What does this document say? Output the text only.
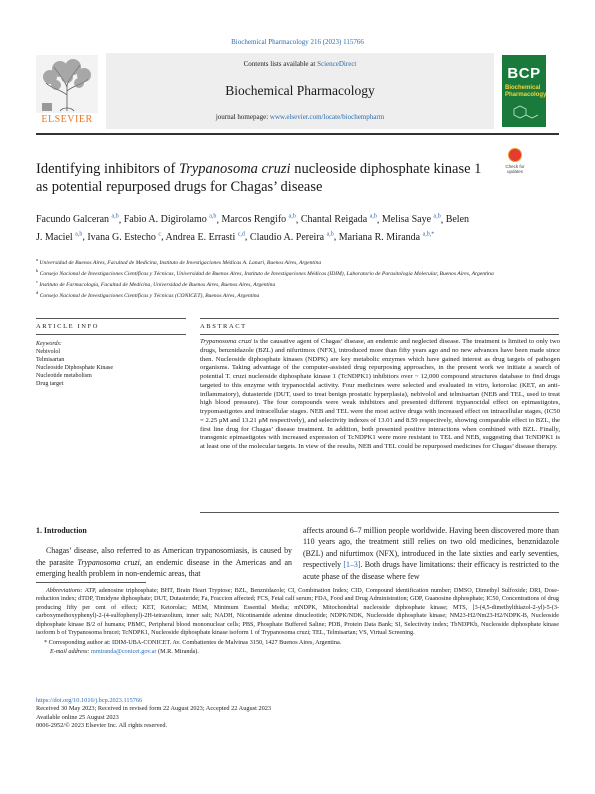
Biochemical Pharmacology 216 (2023) 115766
ELSEVIER
Contents lists available at ScienceDirect
Biochemical Pharmacology
journal homepage: www.elsevier.com/locate/biochempharm
BCP
Biochemical Pharmacology
Identifying inhibitors of Trypanosoma cruzi nucleoside diphosphate kinase 1 as potential repurposed drugs for Chagas’ disease
Check for updates
Facundo Galceran $^{a,b}$, Fabio A. Digirolamo $^{a,b}$, Marcos Rengifo $^{a,b}$, Chantal Reigada $^{a,b}$, Melisa Saye $^{a,b}$, Belen J. Maciel $^{a,b}$, Ivana G. Estecho $^c$, Andrea E. Errasti $^{c,d}$, Claudio A. Pereira $^{a,b}$, Mariana R. Miranda $^{a,b,*}$
$^a$ Universidad de Buenos Aires, Facultad de Medicina, Instituto de Investigaciones Médicas A. Lanari, Buenos Aires, Argentina
$^b$ Consejo Nacional de Investigaciones Científicas y Técnicas, Universidad de Buenos Aires, Instituto de Investigaciones Médicas (IDIM), Laboratorio de Parasitología Molecular, Buenos Aires, Argentina
$^c$ Instituto de Farmacología, Facultad de Medicina, Universidad de Buenos Aires, Buenos Aires, Argentina
$^d$ Consejo Nacional de Investigaciones Científicas y Técnicas (CONICET), Buenos Aires, Argentina
ARTICLE INFO	ABSTRACT
Keywords:
Nebivolol
Telmisartan
Nucleoside Diphosphate Kinase
Nucleotide metabolism
Drug target
Trypanosoma cruzi is the causative agent of Chagas’ disease, an endemic and neglected disease. The treatment is limited to only two drugs, benznidazole (BZL) and nifurtimox (NFX), introduced more than fifty years ago and no new advances have been made since then. Nucleoside diphosphate kinases (NDPK) are key metabolic enzymes which have gained interest as drug targets of pathogen organisms. Taking advantage of the computer-assisted drug repurposing approaches, in the present work we initiate a search of potential T. cruzi nucleoside diphosphate kinase 1 (TcNDPK1) inhibitors over ~ 12,000 compound structures database to find drugs targeted to this enzyme with trypanocidal activity. Four medicines were selected and evaluated in vitro, ketorolac (KET, an anti-inflammatory), dutasteride (DUT, used to treat benign prostatic hyperplasia), nebivolol and telmisartan (NEB and TEL, used to treat high blood pressure). The four compounds were weak inhibitors and presented different trypanocidal effect on epimastigotes, trypomastigotes and intracellular stages. NEB and TEL were the most active drugs with increased effect on intracellular stages, (IC50 = 2.25 μM and 13.21 μM respectively), and selectivity indexes of 13.01 and 8.59 respectively, showing comparable effect to BZL, the first line drug for Chagas’ disease treatment. In addition, both presented positive interactions when combined with BZL. Finally, transgenic epimastigotes with increased expression of TcNDPK1 were more resistant to TEL and NEB, suggesting that TcNDPK1 is at least one of the molecular targets. In view of the results, NEB and TEL could be repurposed medicines for Chagas’ disease therapy.
1. Introduction
Chagas’ disease, also referred to as American trypanosomiasis, is caused by the parasite Trypanosoma cruzi, an endemic disease in the Americas and an emerging health problem in non-endemic areas, that
affects around 6–7 million people worldwide. Having been discovered more than 110 years ago, the treatment still relies on two old medicines, benznidazole (BZL) and nifurtimox (NFX), introduced in the late sixties and early seventies, respectively [1–3]. Both drugs have limitations: their efficacy is restricted to the acute phase of the disease where few
Abbreviations: ATP, adenosine triphosphate; BHT, Brain Heart Tryptose; BZL, Benznidazole; CI, Combination Index; CID, Compound identification number; DMSO, Dimethyl Sulfoxide; DRI, Dose-reduction index; dTDP, Timidyne diphosphate; DUT, Dutasteride; Fa, Fraccion affected; FCS, Fetal calf serum; FDA, Food and Drug Administration; GDP, Guanosine diphosphate; IC50, Concentrations of drug producing fifty per cent of effect; KET, Ketorolac; MEM, Minimum Essential Media; mNDPK, Mitochondrial nucleoside diphosphate kinase; MTS, [3-(4,5-dimethylthiazol-2-yl)-5-(3-carboxymethoxyphenyl)-2-(4-sulfophenyl)-2H-tetrazolium, inner salt; NADH, Nicotinamide adenine dinucleotide; NDPK/NDK, Nucleoside diphosphate kinase; NM23-H2/Nm23-H2/NDPK-B, Nucleoside diphosphate kinase B/2 of humans; PBMC, Peripheral blood mononuclear cells; PBS, Phosphate Buffered Saline; PDB, Protein Data Bank; SI, Selectivity index; TbNDPKb, Nucleoside diphosphate kinase isoform b of Trypanosoma brucei; TcNDPK1, Nucleoside diphosphate kinase isoform 1 of Trypanosoma cruzi; TEL, Telmisartan; VS, Virtual Screening.
* Corresponding author at: IDIM-UBA-CONICET. Av. Combatientes de Malvinas 3150, 1427 Buenos Aires, Argentina.
E-mail address: mmiranda@conicet.gov.ar (M.R. Miranda).
https://doi.org/10.1016/j.bcp.2023.115766
Received 30 May 2023; Received in revised form 22 August 2023; Accepted 22 August 2023
Available online 25 August 2023
0006-2952/© 2023 Elsevier Inc. All rights reserved.
